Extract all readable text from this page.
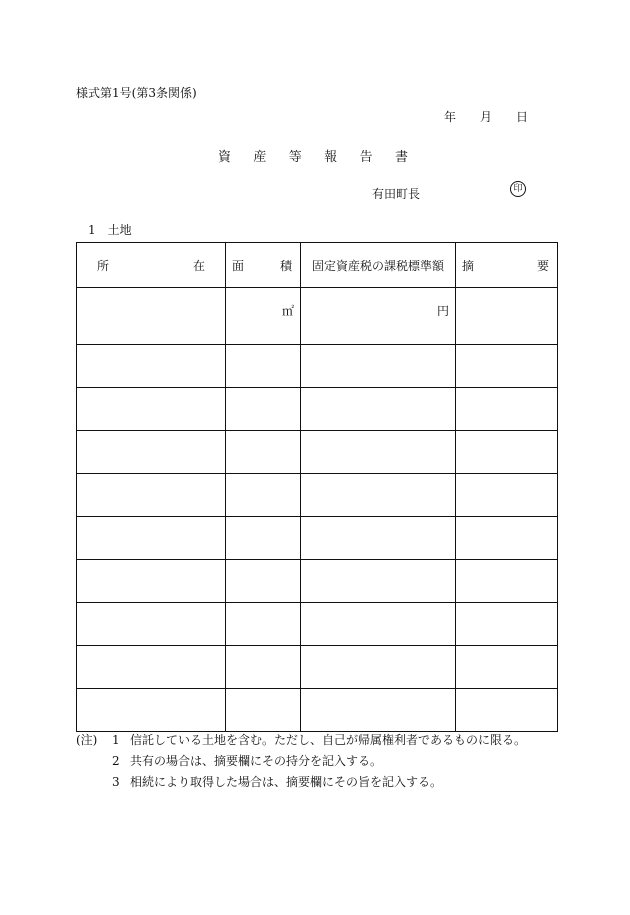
様式第1号(第3条関係)
年 月 日
資 産 等 報 告 書
有田町長	印
1 土地
所 在	面 積	固定資産税の課税標準額	摘 要

	㎡	円	

(注)	1 信託している土地を含む。ただし、自己が帰属権利者であるものに限る。
2 共有の場合は、摘要欄にその持分を記入する。
3 相続により取得した場合は、摘要欄にその旨を記入する。
